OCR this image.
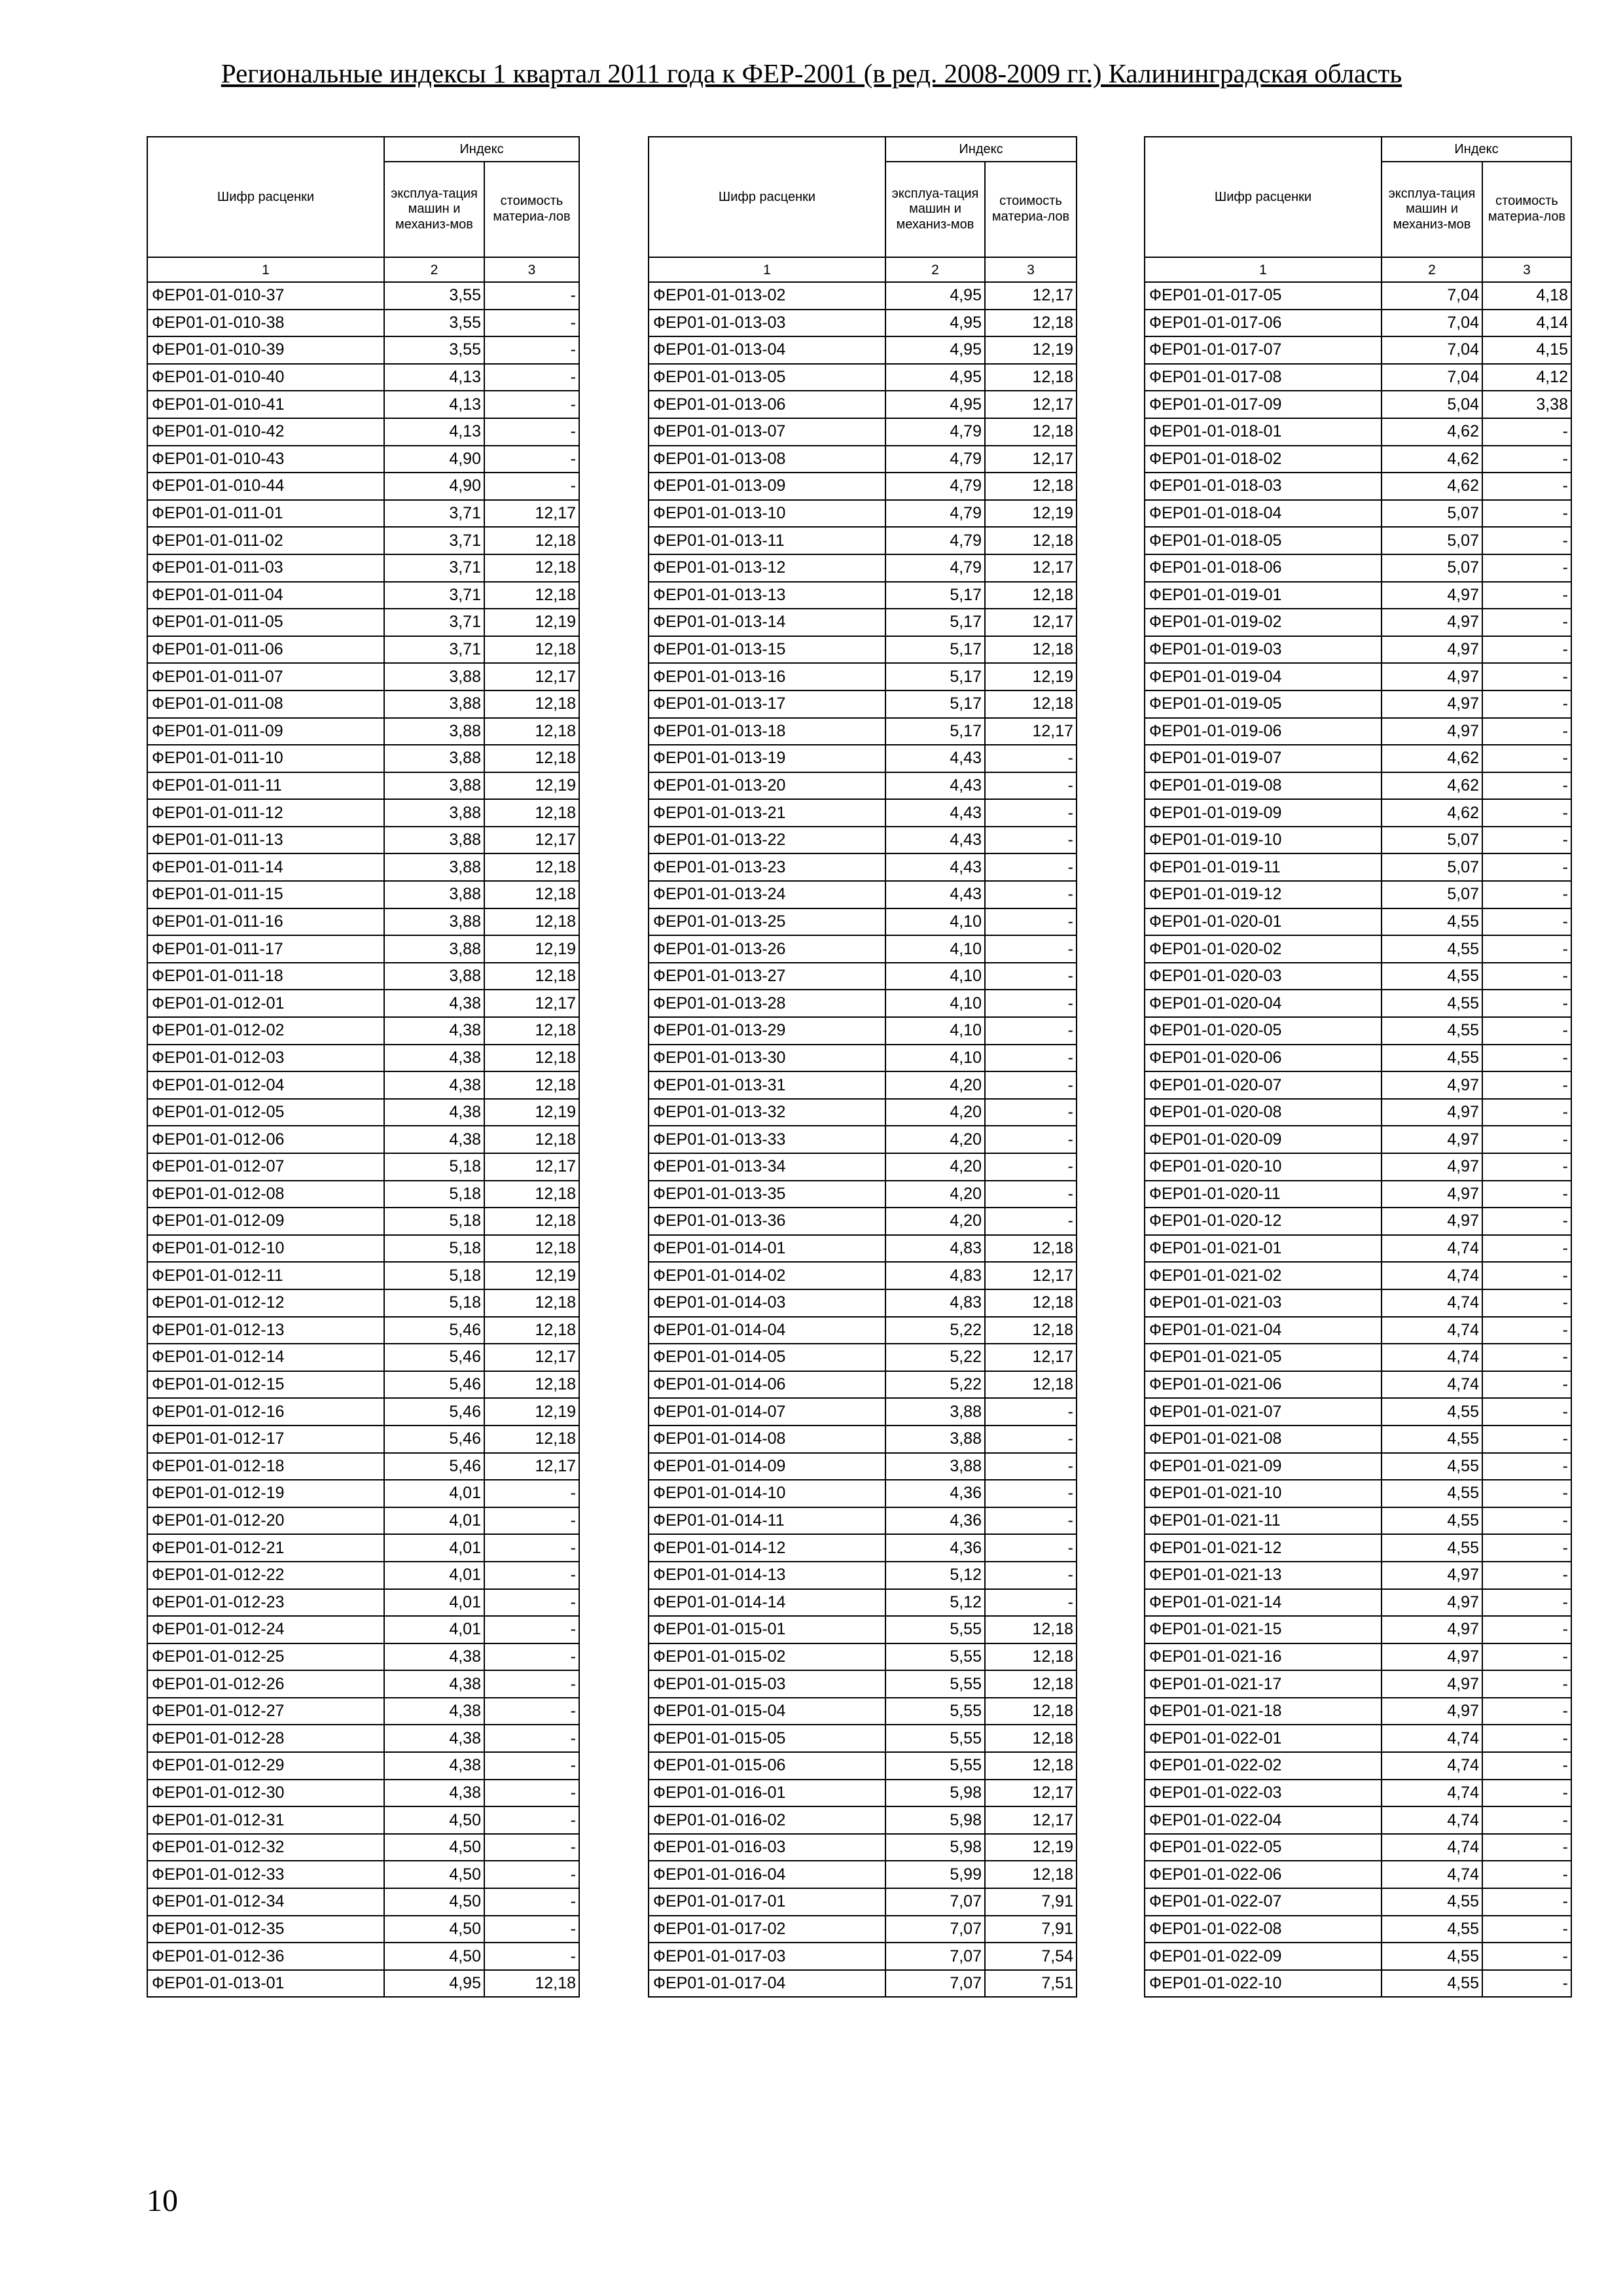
Региональные индексы 1 квартал 2011 года к ФЕР-2001 (в ред. 2008-2009 гг.) Калининградская область
Шифр расценки	Индекс	
	эксплуа-тация машин и механиз-мов	стоимость материа-лов
1	2	3
ФЕР01-01-010-37	3,55	-
ФЕР01-01-010-38	3,55	-
ФЕР01-01-010-39	3,55	-
ФЕР01-01-010-40	4,13	-
ФЕР01-01-010-41	4,13	-
ФЕР01-01-010-42	4,13	-
ФЕР01-01-010-43	4,90	-
ФЕР01-01-010-44	4,90	-
ФЕР01-01-011-01	3,71	12,17
ФЕР01-01-011-02	3,71	12,18
ФЕР01-01-011-03	3,71	12,18
ФЕР01-01-011-04	3,71	12,18
ФЕР01-01-011-05	3,71	12,19
ФЕР01-01-011-06	3,71	12,18
ФЕР01-01-011-07	3,88	12,17
ФЕР01-01-011-08	3,88	12,18
ФЕР01-01-011-09	3,88	12,18
ФЕР01-01-011-10	3,88	12,18
ФЕР01-01-011-11	3,88	12,19
ФЕР01-01-011-12	3,88	12,18
ФЕР01-01-011-13	3,88	12,17
ФЕР01-01-011-14	3,88	12,18
ФЕР01-01-011-15	3,88	12,18
ФЕР01-01-011-16	3,88	12,18
ФЕР01-01-011-17	3,88	12,19
ФЕР01-01-011-18	3,88	12,18
ФЕР01-01-012-01	4,38	12,17
ФЕР01-01-012-02	4,38	12,18
ФЕР01-01-012-03	4,38	12,18
ФЕР01-01-012-04	4,38	12,18
ФЕР01-01-012-05	4,38	12,19
ФЕР01-01-012-06	4,38	12,18
ФЕР01-01-012-07	5,18	12,17
ФЕР01-01-012-08	5,18	12,18
ФЕР01-01-012-09	5,18	12,18
ФЕР01-01-012-10	5,18	12,18
ФЕР01-01-012-11	5,18	12,19
ФЕР01-01-012-12	5,18	12,18
ФЕР01-01-012-13	5,46	12,18
ФЕР01-01-012-14	5,46	12,17
ФЕР01-01-012-15	5,46	12,18
ФЕР01-01-012-16	5,46	12,19
ФЕР01-01-012-17	5,46	12,18
ФЕР01-01-012-18	5,46	12,17
ФЕР01-01-012-19	4,01	-
ФЕР01-01-012-20	4,01	-
ФЕР01-01-012-21	4,01	-
ФЕР01-01-012-22	4,01	-
ФЕР01-01-012-23	4,01	-
ФЕР01-01-012-24	4,01	-
ФЕР01-01-012-25	4,38	-
ФЕР01-01-012-26	4,38	-
ФЕР01-01-012-27	4,38	-
ФЕР01-01-012-28	4,38	-
ФЕР01-01-012-29	4,38	-
ФЕР01-01-012-30	4,38	-
ФЕР01-01-012-31	4,50	-
ФЕР01-01-012-32	4,50	-
ФЕР01-01-012-33	4,50	-
ФЕР01-01-012-34	4,50	-
ФЕР01-01-012-35	4,50	-
ФЕР01-01-012-36	4,50	-
ФЕР01-01-013-01	4,95	12,18
Шифр расценки	Индекс	
	эксплуа-тация машин и механиз-мов	стоимость материа-лов
1	2	3
ФЕР01-01-013-02	4,95	12,17
ФЕР01-01-013-03	4,95	12,18
ФЕР01-01-013-04	4,95	12,19
ФЕР01-01-013-05	4,95	12,18
ФЕР01-01-013-06	4,95	12,17
ФЕР01-01-013-07	4,79	12,18
ФЕР01-01-013-08	4,79	12,17
ФЕР01-01-013-09	4,79	12,18
ФЕР01-01-013-10	4,79	12,19
ФЕР01-01-013-11	4,79	12,18
ФЕР01-01-013-12	4,79	12,17
ФЕР01-01-013-13	5,17	12,18
ФЕР01-01-013-14	5,17	12,17
ФЕР01-01-013-15	5,17	12,18
ФЕР01-01-013-16	5,17	12,19
ФЕР01-01-013-17	5,17	12,18
ФЕР01-01-013-18	5,17	12,17
ФЕР01-01-013-19	4,43	-
ФЕР01-01-013-20	4,43	-
ФЕР01-01-013-21	4,43	-
ФЕР01-01-013-22	4,43	-
ФЕР01-01-013-23	4,43	-
ФЕР01-01-013-24	4,43	-
ФЕР01-01-013-25	4,10	-
ФЕР01-01-013-26	4,10	-
ФЕР01-01-013-27	4,10	-
ФЕР01-01-013-28	4,10	-
ФЕР01-01-013-29	4,10	-
ФЕР01-01-013-30	4,10	-
ФЕР01-01-013-31	4,20	-
ФЕР01-01-013-32	4,20	-
ФЕР01-01-013-33	4,20	-
ФЕР01-01-013-34	4,20	-
ФЕР01-01-013-35	4,20	-
ФЕР01-01-013-36	4,20	-
ФЕР01-01-014-01	4,83	12,18
ФЕР01-01-014-02	4,83	12,17
ФЕР01-01-014-03	4,83	12,18
ФЕР01-01-014-04	5,22	12,18
ФЕР01-01-014-05	5,22	12,17
ФЕР01-01-014-06	5,22	12,18
ФЕР01-01-014-07	3,88	-
ФЕР01-01-014-08	3,88	-
ФЕР01-01-014-09	3,88	-
ФЕР01-01-014-10	4,36	-
ФЕР01-01-014-11	4,36	-
ФЕР01-01-014-12	4,36	-
ФЕР01-01-014-13	5,12	-
ФЕР01-01-014-14	5,12	-
ФЕР01-01-015-01	5,55	12,18
ФЕР01-01-015-02	5,55	12,18
ФЕР01-01-015-03	5,55	12,18
ФЕР01-01-015-04	5,55	12,18
ФЕР01-01-015-05	5,55	12,18
ФЕР01-01-015-06	5,55	12,18
ФЕР01-01-016-01	5,98	12,17
ФЕР01-01-016-02	5,98	12,17
ФЕР01-01-016-03	5,98	12,19
ФЕР01-01-016-04	5,99	12,18
ФЕР01-01-017-01	7,07	7,91
ФЕР01-01-017-02	7,07	7,91
ФЕР01-01-017-03	7,07	7,54
ФЕР01-01-017-04	7,07	7,51
Шифр расценки	Индекс	
	эксплуа-тация машин и механиз-мов	стоимость материа-лов
1	2	3
ФЕР01-01-017-05	7,04	4,18
ФЕР01-01-017-06	7,04	4,14
ФЕР01-01-017-07	7,04	4,15
ФЕР01-01-017-08	7,04	4,12
ФЕР01-01-017-09	5,04	3,38
ФЕР01-01-018-01	4,62	-
ФЕР01-01-018-02	4,62	-
ФЕР01-01-018-03	4,62	-
ФЕР01-01-018-04	5,07	-
ФЕР01-01-018-05	5,07	-
ФЕР01-01-018-06	5,07	-
ФЕР01-01-019-01	4,97	-
ФЕР01-01-019-02	4,97	-
ФЕР01-01-019-03	4,97	-
ФЕР01-01-019-04	4,97	-
ФЕР01-01-019-05	4,97	-
ФЕР01-01-019-06	4,97	-
ФЕР01-01-019-07	4,62	-
ФЕР01-01-019-08	4,62	-
ФЕР01-01-019-09	4,62	-
ФЕР01-01-019-10	5,07	-
ФЕР01-01-019-11	5,07	-
ФЕР01-01-019-12	5,07	-
ФЕР01-01-020-01	4,55	-
ФЕР01-01-020-02	4,55	-
ФЕР01-01-020-03	4,55	-
ФЕР01-01-020-04	4,55	-
ФЕР01-01-020-05	4,55	-
ФЕР01-01-020-06	4,55	-
ФЕР01-01-020-07	4,97	-
ФЕР01-01-020-08	4,97	-
ФЕР01-01-020-09	4,97	-
ФЕР01-01-020-10	4,97	-
ФЕР01-01-020-11	4,97	-
ФЕР01-01-020-12	4,97	-
ФЕР01-01-021-01	4,74	-
ФЕР01-01-021-02	4,74	-
ФЕР01-01-021-03	4,74	-
ФЕР01-01-021-04	4,74	-
ФЕР01-01-021-05	4,74	-
ФЕР01-01-021-06	4,74	-
ФЕР01-01-021-07	4,55	-
ФЕР01-01-021-08	4,55	-
ФЕР01-01-021-09	4,55	-
ФЕР01-01-021-10	4,55	-
ФЕР01-01-021-11	4,55	-
ФЕР01-01-021-12	4,55	-
ФЕР01-01-021-13	4,97	-
ФЕР01-01-021-14	4,97	-
ФЕР01-01-021-15	4,97	-
ФЕР01-01-021-16	4,97	-
ФЕР01-01-021-17	4,97	-
ФЕР01-01-021-18	4,97	-
ФЕР01-01-022-01	4,74	-
ФЕР01-01-022-02	4,74	-
ФЕР01-01-022-03	4,74	-
ФЕР01-01-022-04	4,74	-
ФЕР01-01-022-05	4,74	-
ФЕР01-01-022-06	4,74	-
ФЕР01-01-022-07	4,55	-
ФЕР01-01-022-08	4,55	-
ФЕР01-01-022-09	4,55	-
ФЕР01-01-022-10	4,55	-
10
